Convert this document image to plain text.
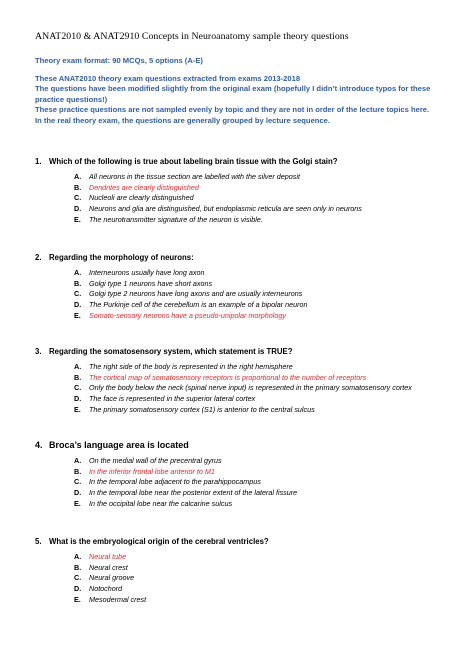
ANAT2010 & ANAT2910 Concepts in Neuroanatomy sample theory questions

Theory exam format: 90 MCQs, 5 options (A-E)

These ANAT2010 theory exam questions extracted from exams 2013-2018

The questions have been modified slightly from the original exam (hopefully I didn’t introduce typos for these practice questions!)

These practice questions are not sampled evenly by topic and they are not in order of the lecture topics here.

In the real theory exam, the questions are generally grouped by lecture sequence.

1. Which of the following is true about labeling brain tissue with the Golgi stain?
A.	All neurons in the tissue section are labelled with the silver deposit
B.	Dendrites are clearly distinguished
C.	Nucleoli are clearly distinguished
D.	Neurons and glia are distinguished, but endoplasmic reticula are seen only in neurons
E.	The neurotransmitter signature of the neuron is visible.
2. Regarding the morphology of neurons:
A.	Interneurons usually have long axon
B.	Golgi type 1 neurons have short axons
C.	Golgi type 2 neurons have long axons and are usually interneurons
D.	The Purkinje cell of the cerebellum is an example of a bipolar neuron
E.	Somato-sensory neurons have a pseudo-unipolar morphology
3. Regarding the somatosensory system, which statement is TRUE?
A.	The right side of the body is represented in the right hemisphere
B.	The cortical map of somatosensory receptors is proportional to the number of receptors
C.	Only the body below the neck (spinal nerve input) is represented in the primary somatosensory cortex
D.	The face is represented in the superior lateral cortex
E.	The primary somatosensory cortex (S1) is anterior to the central sulcus
4. Broca’s language area is located
A.	On the medial wall of the precentral gyrus
B.	In the inferior frontal lobe anterior to M1
C.	In the temporal lobe adjacent to the parahippocampus
D.	In the temporal lobe near the posterior extent of the lateral fissure
E.	In the occipital lobe near the calcarine sulcus
5. What is the embryological origin of the cerebral ventricles?
A.	Neural tube
B.	Neural crest
C.	Neural groove
D.	Notochord
E.	Mesodermal crest
